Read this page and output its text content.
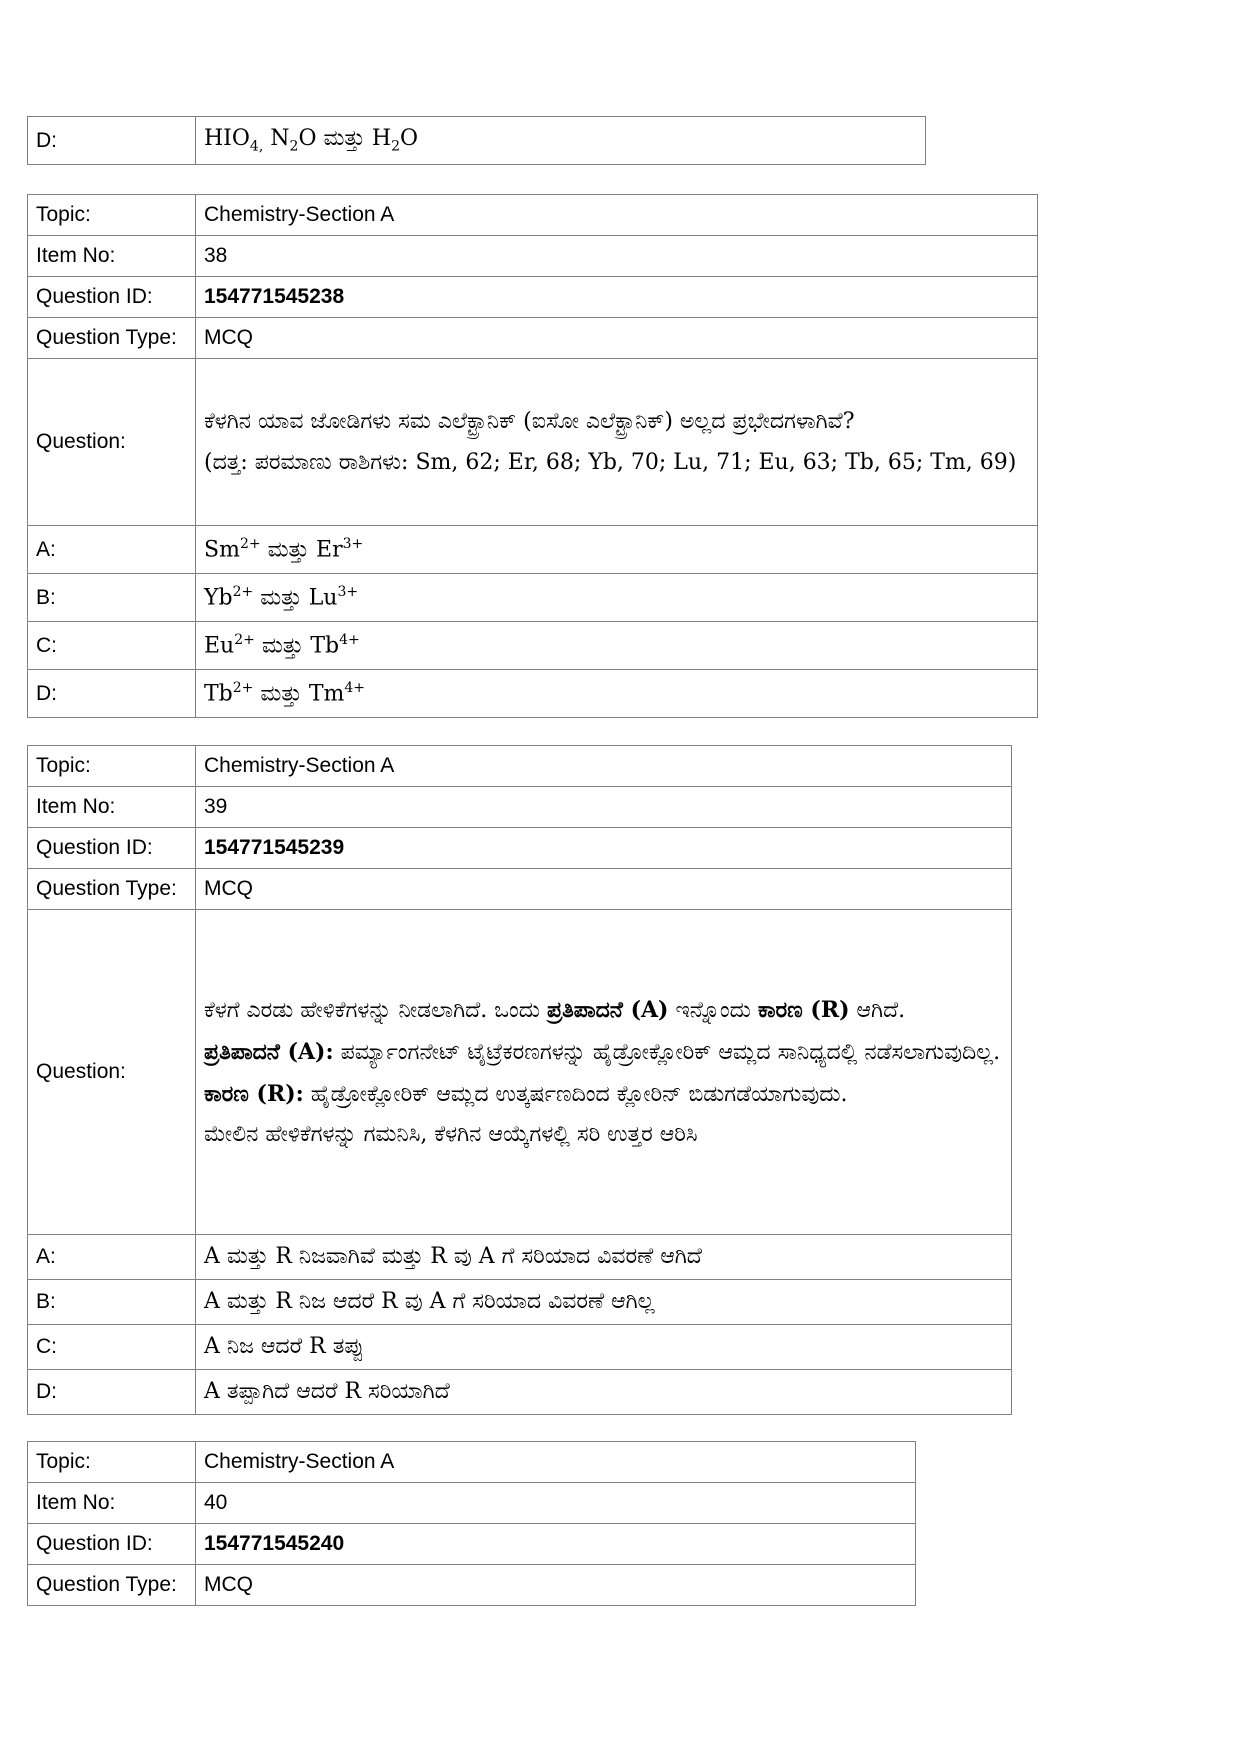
D:	$HIO_{4,}$ $N_2O$ ಮತ್ತು $H_2O$
Topic:	Chemistry-Section A
Item No:	38
Question ID:	154771545238
Question Type:	MCQ
Question:	ಕೆಳಗಿನ ಯಾವ ಜೋಡಿಗಳು ಸಮ ಎಲೆಕ್ಟ್ರಾನಿಕ್ (ಐಸೋ ಎಲೆಕ್ಟ್ರಾನಿಕ್) ಅಲ್ಲದ ಪ್ರಭೇದಗಳಾಗಿವೆ?

(ದತ್ತ: ಪರಮಾಣು ರಾಶಿಗಳು: Sm, 62; Er, 68; Yb, 70; Lu, 71; Eu, 63; Tb, 65; Tm, 69)

A:	$Sm^{2+}$ ಮತ್ತು $Er^{3+}$
B:	$Yb^{2+}$ ಮತ್ತು $Lu^{3+}$
C:	$Eu^{2+}$ ಮತ್ತು $Tb^{4+}$
D:	$Tb^{2+}$ ಮತ್ತು $Tm^{4+}$
Topic:	Chemistry-Section A
Item No:	39
Question ID:	154771545239
Question Type:	MCQ
Question:	ಕೆಳಗೆ ಎರಡು ಹೇಳಿಕೆಗಳನ್ನು ನೀಡಲಾಗಿದೆ. ಒಂದು ಪ್ರತಿಪಾದನೆ (A) ಇನ್ನೊಂದು ಕಾರಣ (R) ಆಗಿದೆ.

ಪ್ರತಿಪಾದನೆ (A): ಪರ್ಮ್ಯಾಂಗನೇಟ್ ಟೈಟ್ರೆಕರಣಗಳನ್ನು ಹೈಡ್ರೋಕ್ಲೋರಿಕ್ ಆಮ್ಲದ ಸಾನಿಧ್ಯದಲ್ಲಿ ನಡೆಸಲಾಗುವುದಿಲ್ಲ.

ಕಾರಣ (R): ಹೈಡ್ರೋಕ್ಲೋರಿಕ್ ಆಮ್ಲದ ಉತ್ಕರ್ಷಣದಿಂದ ಕ್ಲೋರಿನ್ ಬಿಡುಗಡೆಯಾಗುವುದು.

ಮೇಲಿನ ಹೇಳಿಕೆಗಳನ್ನು ಗಮನಿಸಿ, ಕೆಳಗಿನ ಆಯ್ಕೆಗಳಲ್ಲಿ ಸರಿ ಉತ್ತರ ಆರಿಸಿ

A:	A ಮತ್ತು R ನಿಜವಾಗಿವೆ ಮತ್ತು R ವು A ಗೆ ಸರಿಯಾದ ವಿವರಣೆ ಆಗಿದೆ
B:	A ಮತ್ತು R ನಿಜ ಆದರೆ R ವು A ಗೆ ಸರಿಯಾದ ವಿವರಣೆ ಆಗಿಲ್ಲ
C:	A ನಿಜ ಆದರೆ R ತಪ್ಪು
D:	A ತಪ್ಪಾಗಿದೆ ಆದರೆ R ಸರಿಯಾಗಿದೆ
Topic:	Chemistry-Section A
Item No:	40
Question ID:	154771545240
Question Type:	MCQ
